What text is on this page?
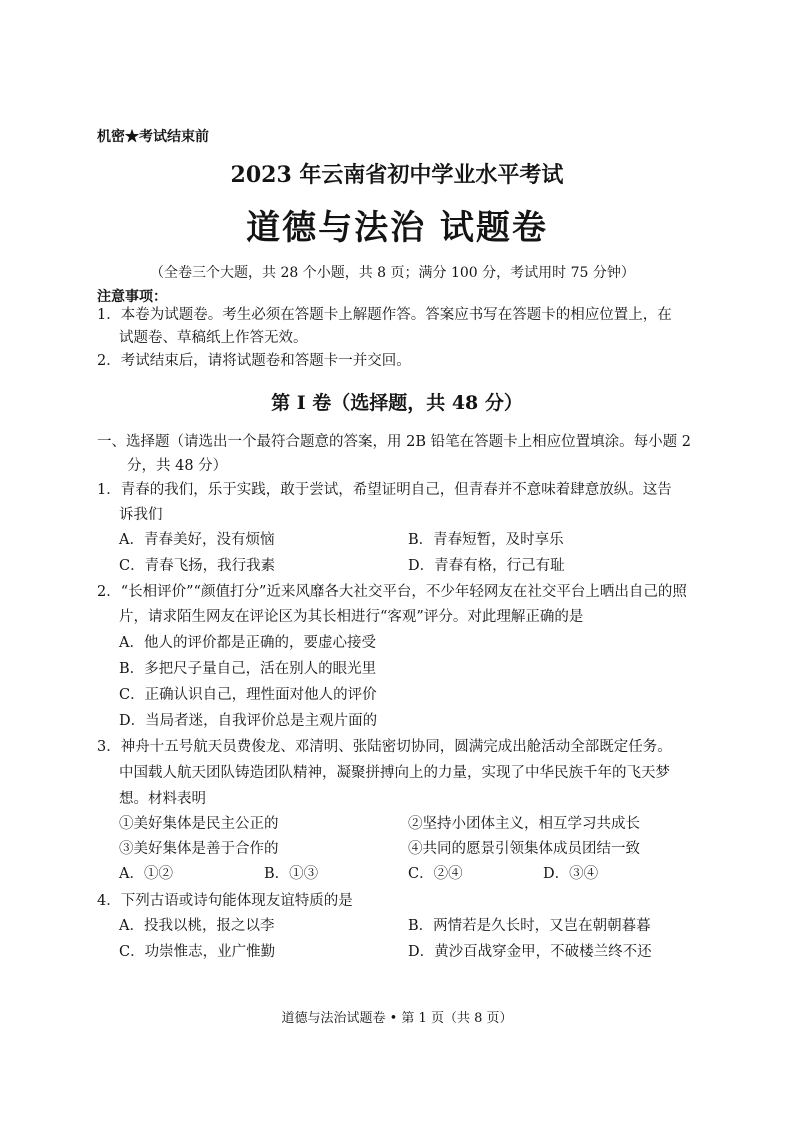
机密★考试结束前
2023 年云南省初中学业水平考试
道德与法治 试题卷
（全卷三个大题，共 28 个小题，共 8 页；满分 100 分，考试用时 75 分钟）
注意事项：
1．本卷为试题卷。考生必须在答题卡上解题作答。答案应书写在答题卡的相应位置上，在
试题卷、草稿纸上作答无效。
2．考试结束后，请将试题卷和答题卡一并交回。
第 I 卷（选择题，共 48 分）
一、选择题（请选出一个最符合题意的答案，用 2B 铅笔在答题卡上相应位置填涂。每小题 2
分，共 48 分）
1．青春的我们，乐于实践，敢于尝试，希望证明自己，但青春并不意味着肆意放纵。这告
诉我们
A．青春美好，没有烦恼	B．青春短暂，及时享乐
C．青春飞扬，我行我素	D．青春有格，行己有耻
2．“长相评价”“颜值打分”近来风靡各大社交平台，不少年轻网友在社交平台上晒出自己的照
片，请求陌生网友在评论区为其长相进行“客观”评分。对此理解正确的是
A．他人的评价都是正确的，要虚心接受
B．多把尺子量自己，活在别人的眼光里
C．正确认识自己，理性面对他人的评价
D．当局者迷，自我评价总是主观片面的
3．神舟十五号航天员费俊龙、邓清明、张陆密切协同，圆满完成出舱活动全部既定任务。
中国载人航天团队铸造团队精神，凝聚拼搏向上的力量，实现了中华民族千年的飞天梦
想。材料表明
①美好集体是民主公正的	②坚持小团体主义，相互学习共成长
③美好集体是善于合作的	④共同的愿景引领集体成员团结一致
A．①②	B．①③	C．②④	D．③④
4．下列古语或诗句能体现友谊特质的是
A．投我以桃，报之以李	B．两情若是久长时，又岂在朝朝暮暮
C．功崇惟志，业广惟勤	D．黄沙百战穿金甲，不破楼兰终不还
道德与法治试题卷 • 第 1 页（共 8 页）
